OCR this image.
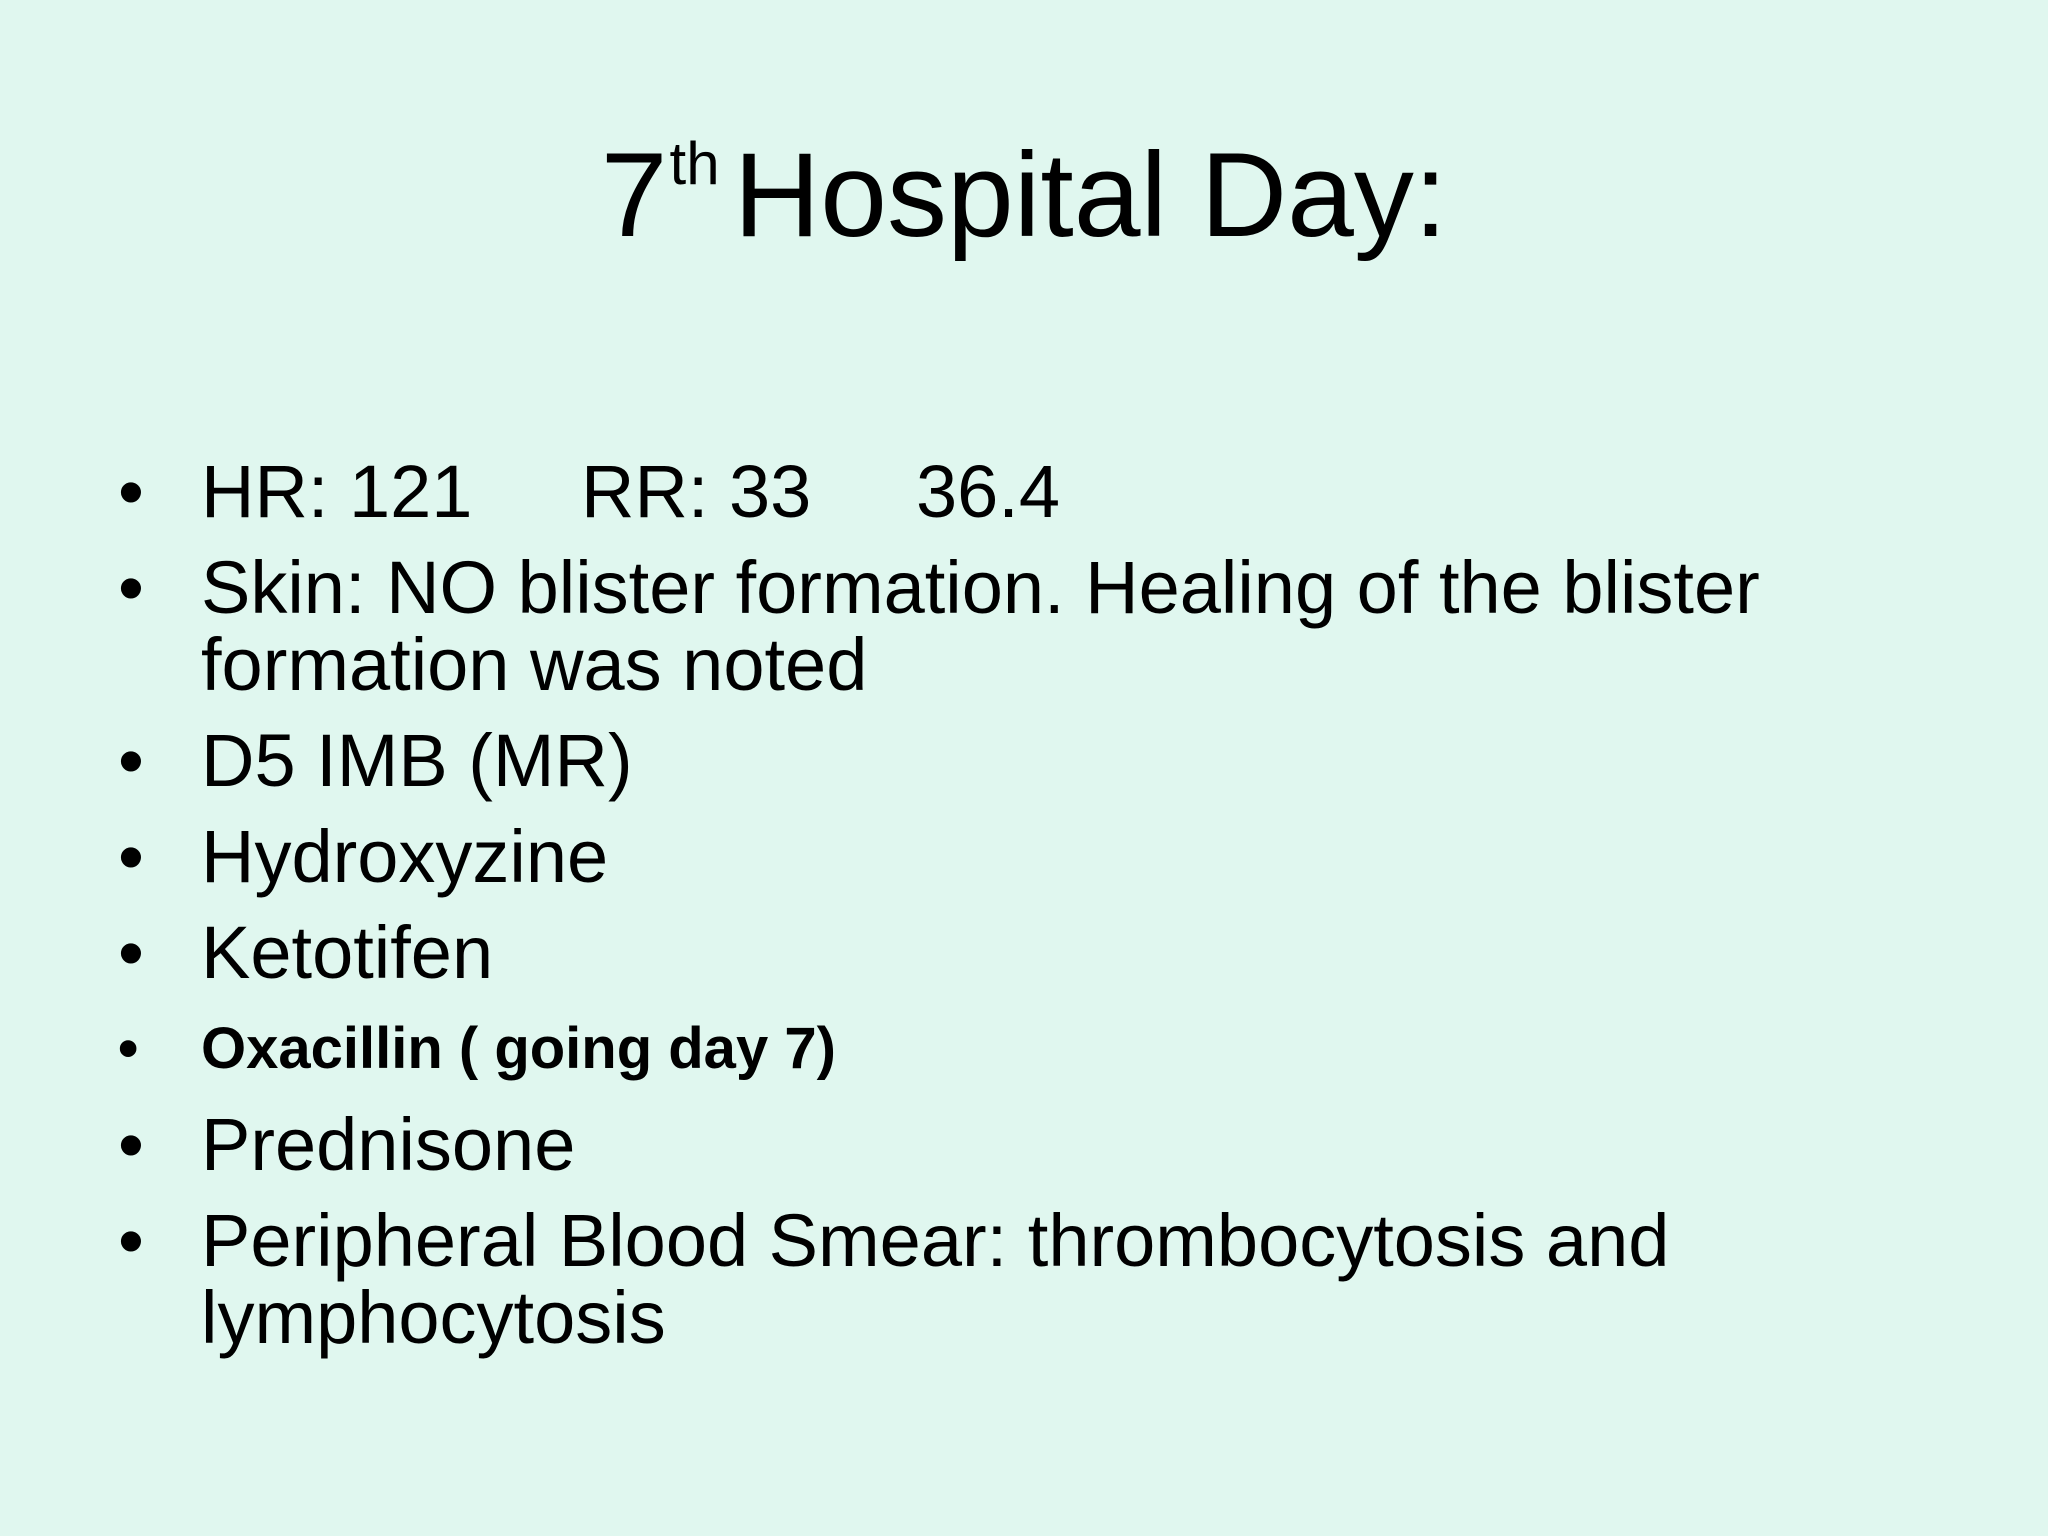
7th Hospital Day:
• HR: 121 RR: 33 36.4
• Skin: NO blister formation. Healing of the blister formation was noted
• D5 IMB (MR)
• Hydroxyzine
• Ketotifen
•	Oxacillin ( going day 7)
• Prednisone
• Peripheral Blood Smear: thrombocytosis and lymphocytosis
